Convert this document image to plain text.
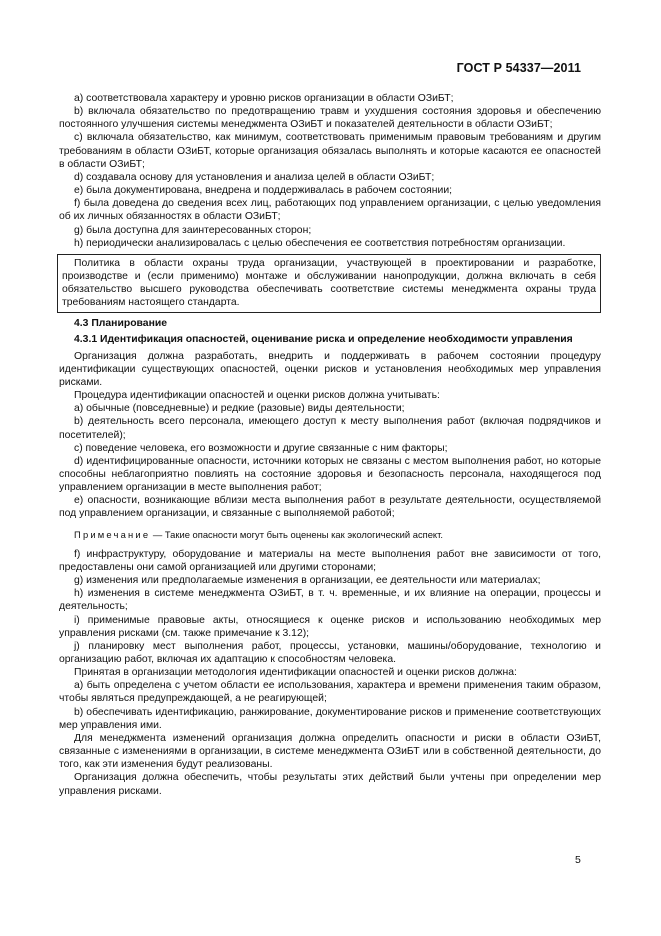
ГОСТ Р 54337—2011

a) соответствовала характеру и уровню рисков организации в области ОЗиБТ;

b) включала обязательство по предотвращению травм и ухудшения состояния здоровья и обеспечению постоянного улучшения системы менеджмента ОЗиБТ и показателей деятельности в области ОЗиБТ;

c) включала обязательство, как минимум, соответствовать применимым правовым требованиям и другим требованиям в области ОЗиБТ, которые организация обязалась выполнять и которые касаются ее опасностей в области ОЗиБТ;

d) создавала основу для установления и анализа целей в области ОЗиБТ;

e) была документирована, внедрена и поддерживалась в рабочем состоянии;

f) была доведена до сведения всех лиц, работающих под управлением организации, с целью уведомления об их личных обязанностях в области ОЗиБТ;

g) была доступна для заинтересованных сторон;

h) периодически анализировалась с целью обеспечения ее соответствия потребностям организации.

Политика в области охраны труда организации, участвующей в проектировании и разработке, производстве и (если применимо) монтаже и обслуживании нанопродукции, должна включать в себя обязательство высшего руководства обеспечивать соответствие системы менеджмента охраны труда требованиям настоящего стандарта.

4.3 Планирование

4.3.1 Идентификация опасностей, оценивание риска и определение необходимости управления

Организация должна разработать, внедрить и поддерживать в рабочем состоянии процедуру идентификации существующих опасностей, оценки рисков и установления необходимых мер управления рисками.

Процедура идентификации опасностей и оценки рисков должна учитывать:

a) обычные (повседневные) и редкие (разовые) виды деятельности;

b) деятельность всего персонала, имеющего доступ к месту выполнения работ (включая подрядчиков и посетителей);

c) поведение человека, его возможности и другие связанные с ним факторы;

d) идентифицированные опасности, источники которых не связаны с местом выполнения работ, но которые способны неблагоприятно повлиять на состояние здоровья и безопасность персонала, находящегося под управлением организации в месте выполнения работ;

e) опасности, возникающие вблизи места выполнения работ в результате деятельности, осуществляемой под управлением организации, и связанные с выполняемой работой;

Примечание — Такие опасности могут быть оценены как экологический аспект.

f) инфраструктуру, оборудование и материалы на месте выполнения работ вне зависимости от того, предоставлены они самой организацией или другими сторонами;

g) изменения или предполагаемые изменения в организации, ее деятельности или материалах;

h) изменения в системе менеджмента ОЗиБТ, в т. ч. временные, и их влияние на операции, процессы и деятельность;

i) применимые правовые акты, относящиеся к оценке рисков и использованию необходимых мер управления рисками (см. также примечание к 3.12);

j) планировку мест выполнения работ, процессы, установки, машины/оборудование, технологию и организацию работ, включая их адаптацию к способностям человека.

Принятая в организации методология идентификации опасностей и оценки рисков должна:

a) быть определена с учетом области ее использования, характера и времени применения таким образом, чтобы являться предупреждающей, а не реагирующей;

b) обеспечивать идентификацию, ранжирование, документирование рисков и применение соответствующих мер управления ими.

Для менеджмента изменений организация должна определить опасности и риски в области ОЗиБТ, связанные с изменениями в организации, в системе менеджмента ОЗиБТ или в собственной деятельности, до того, как эти изменения будут реализованы.

Организация должна обеспечить, чтобы результаты этих действий были учтены при определении мер управления рисками.

5
